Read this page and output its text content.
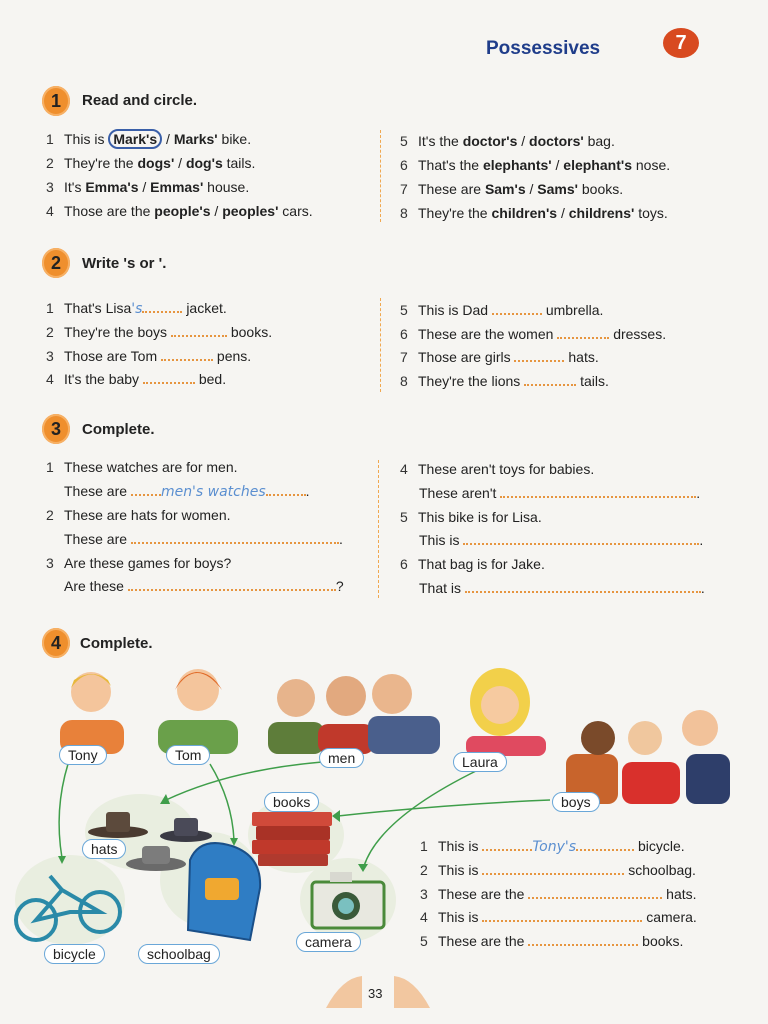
Possessives	7
1	Read and circle.
1 This is Mark's / Marks' bike.
2 They're the dogs' / dog's tails.
3 It's Emma's / Emmas' house.
4 Those are the people's / peoples' cars.
5 It's the doctor's / doctors' bag.
6 That's the elephants' / elephant's nose.
7 These are Sam's / Sams' books.
8 They're the children's / childrens' toys.
2	Write 's or '.
1 That's Lisa's	jacket.
2 They're the boys	books.
3 Those are Tom	pens.
4 It's the baby	bed.
5 This is Dad	umbrella.
6 These are the women	dresses.
7 Those are girls	hats.
8 They're the lions	tails.
3	Complete.
1 These watches are for men.
These are men's watches	.
2 These are hats for women.
These are	.
3 Are these games for boys?
Are these	?
4 These aren't toys for babies.
These aren't	.
5 This bike is for Lisa.
This is	.
6 That bag is for Jake.
That is	.
4	Complete.
Tony	Tom	men	Laura
boys
books
hats
bicycle	schoolbag
camera
1 This is	Tony's	bicycle.
2 This is	schoolbag.
3 These are the	hats.
4 This is	camera.
5 These are the	books.
33
